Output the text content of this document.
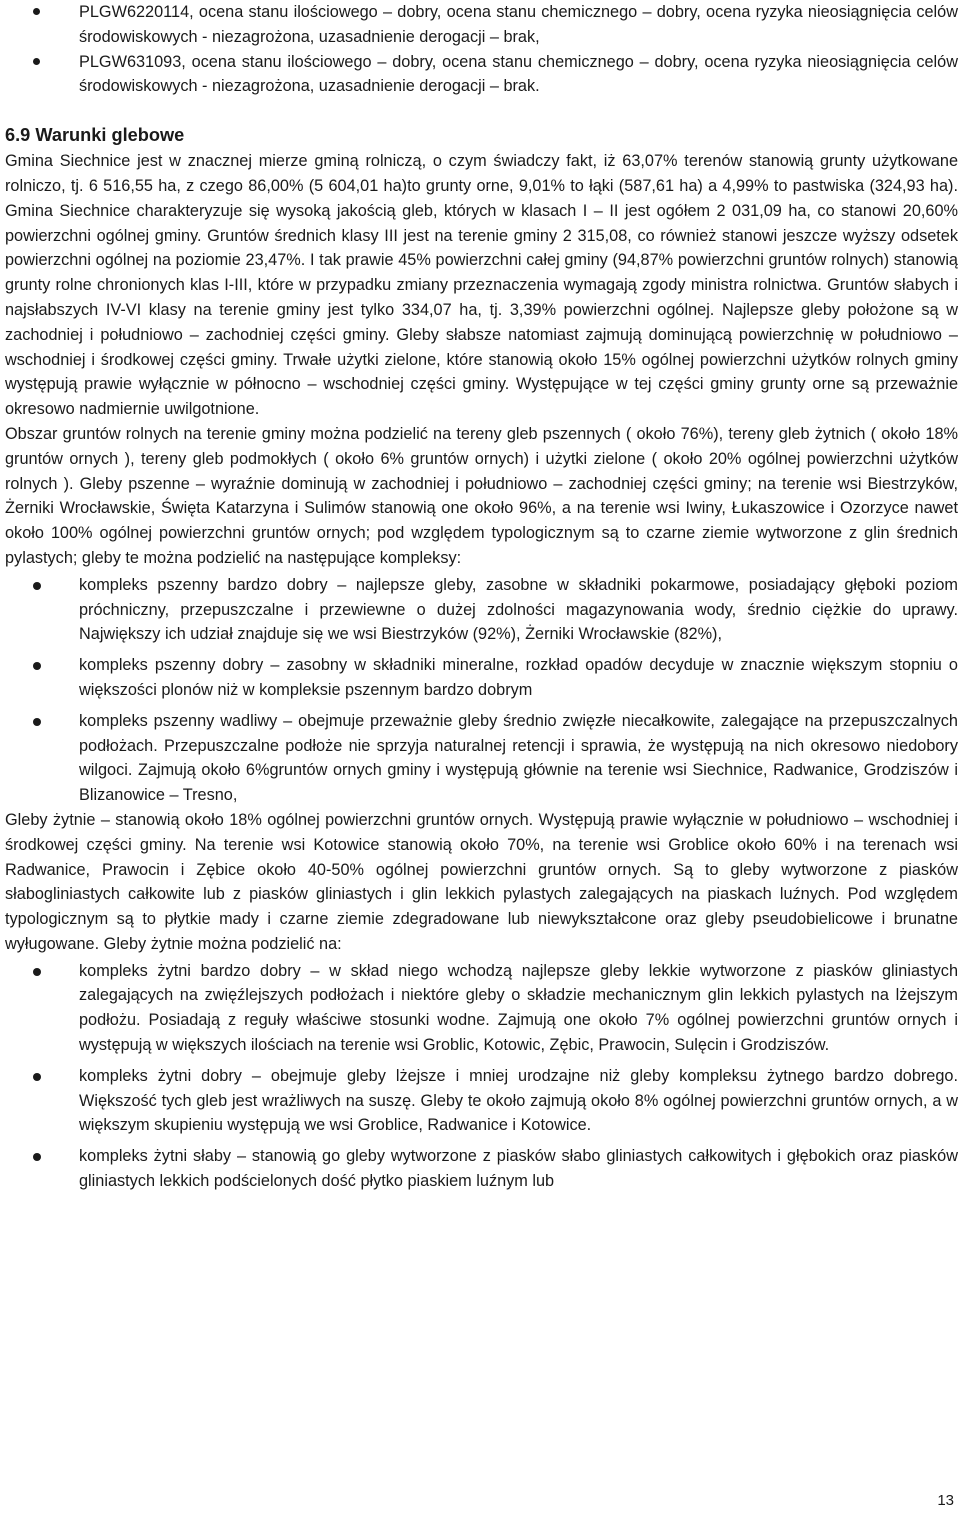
PLGW6220114, ocena stanu ilościowego – dobry, ocena stanu chemicznego – dobry, ocena ryzyka nieosiągnięcia celów środowiskowych - niezagrożona, uzasadnienie derogacji – brak,
PLGW631093, ocena stanu ilościowego – dobry, ocena stanu chemicznego – dobry, ocena ryzyka nieosiągnięcia celów środowiskowych - niezagrożona, uzasadnienie derogacji – brak.
6.9 Warunki glebowe

Gmina Siechnice jest w znacznej mierze gminą rolniczą, o czym świadczy fakt, iż 63,07% terenów stanowią grunty użytkowane rolniczo, tj. 6 516,55 ha, z czego 86,00% (5 604,01 ha)to grunty orne, 9,01% to łąki (587,61 ha) a 4,99% to pastwiska (324,93 ha). Gmina Siechnice charakteryzuje się wysoką jakością gleb, których w klasach I – II jest ogółem 2 031,09 ha, co stanowi 20,60% powierzchni ogólnej gminy. Gruntów średnich klasy III jest na terenie gminy 2 315,08, co również stanowi jeszcze wyższy odsetek powierzchni ogólnej na poziomie 23,47%. I tak prawie 45% powierzchni całej gminy (94,87% powierzchni gruntów rolnych) stanowią grunty rolne chronionych klas I-III, które w przypadku zmiany przeznaczenia wymagają zgody ministra rolnictwa. Gruntów słabych i najsłabszych IV-VI klasy na terenie gminy jest tylko 334,07 ha, tj. 3,39% powierzchni ogólnej. Najlepsze gleby położone są w zachodniej i południowo – zachodniej części gminy. Gleby słabsze natomiast zajmują dominującą powierzchnię w południowo – wschodniej i środkowej części gminy. Trwałe użytki zielone, które stanowią około 15% ogólnej powierzchni użytków rolnych gminy występują prawie wyłącznie w północno – wschodniej części gminy. Występujące w tej części gminy grunty orne są przeważnie okresowo nadmiernie uwilgotnione.

Obszar gruntów rolnych na terenie gminy można podzielić na tereny gleb pszennych ( około 76%), tereny gleb żytnich ( około 18% gruntów ornych ), tereny gleb podmokłych ( około 6% gruntów ornych) i użytki zielone ( około 20% ogólnej powierzchni użytków rolnych ). Gleby pszenne – wyraźnie dominują w zachodniej i południowo – zachodniej części gminy; na terenie wsi Biestrzyków, Żerniki Wrocławskie, Święta Katarzyna i Sulimów stanowią one około 96%, a na terenie wsi Iwiny, Łukaszowice i Ozorzyce nawet około 100% ogólnej powierzchni gruntów ornych; pod względem typologicznym są to czarne ziemie wytworzone z glin średnich pylastych; gleby te można podzielić na następujące kompleksy:

kompleks pszenny bardzo dobry – najlepsze gleby, zasobne w składniki pokarmowe, posiadający głęboki poziom próchniczny, przepuszczalne i przewiewne o dużej zdolności magazynowania wody, średnio ciężkie do uprawy. Największy ich udział znajduje się we wsi Biestrzyków (92%), Żerniki Wrocławskie (82%),
kompleks pszenny dobry – zasobny w składniki mineralne, rozkład opadów decyduje w znacznie większym stopniu o większości plonów niż w kompleksie pszennym bardzo dobrym
kompleks pszenny wadliwy – obejmuje przeważnie gleby średnio zwięzłe niecałkowite, zalegające na przepuszczalnych podłożach. Przepuszczalne podłoże nie sprzyja naturalnej retencji i sprawia, że występują na nich okresowo niedobory wilgoci. Zajmują około 6%gruntów ornych gminy i występują głównie na terenie wsi Siechnice, Radwanice, Grodziszów i Blizanowice – Tresno,

Gleby żytnie – stanowią około 18% ogólnej powierzchni gruntów ornych. Występują prawie wyłącznie w południowo – wschodniej i środkowej części gminy. Na terenie wsi Kotowice stanowią około 70%, na terenie wsi Groblice około 60% i na terenach wsi Radwanice, Prawocin i Zębice około 40-50% ogólnej powierzchni gruntów ornych. Są to gleby wytworzone z piasków słabogliniastych całkowite lub z piasków gliniastych i glin lekkich pylastych zalegających na piaskach luźnych. Pod względem typologicznym są to płytkie mady i czarne ziemie zdegradowane lub niewykształcone oraz gleby pseudobielicowe i brunatne wyługowane. Gleby żytnie można podzielić na:

kompleks żytni bardzo dobry – w skład niego wchodzą najlepsze gleby lekkie wytworzone z piasków gliniastych zalegających na zwięźlejszych podłożach i niektóre gleby o składzie mechanicznym glin lekkich pylastych na lżejszym podłożu. Posiadają z reguły właściwe stosunki wodne. Zajmują one około 7% ogólnej powierzchni gruntów ornych i występują w większych ilościach na terenie wsi Groblic, Kotowic, Zębic, Prawocin, Sulęcin i Grodziszów.
kompleks żytni dobry – obejmuje gleby lżejsze i mniej urodzajne niż gleby kompleksu żytnego bardzo dobrego. Większość tych gleb jest wrażliwych na suszę. Gleby te około zajmują około 8% ogólnej powierzchni gruntów ornych, a w większym skupieniu występują we wsi Groblice, Radwanice i Kotowice.
kompleks żytni słaby – stanowią go gleby wytworzone z piasków słabo gliniastych całkowitych i głębokich oraz piasków gliniastych lekkich podścielonych dość płytko piaskiem luźnym lub
13
